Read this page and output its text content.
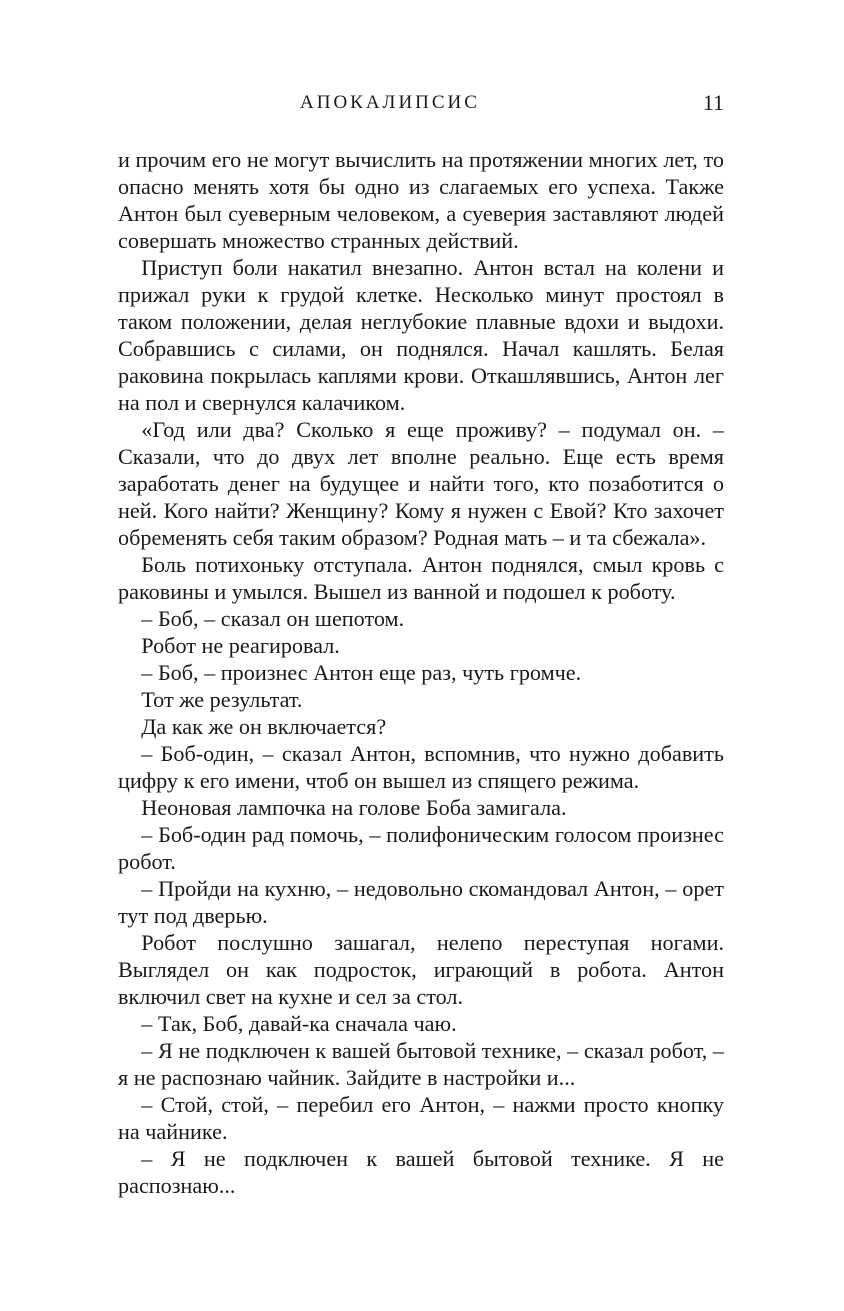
АПОКАЛИПСИС	11

и прочим его не могут вычислить на протяжении многих лет, то опасно менять хотя бы одно из слагаемых его успеха. Также Антон был суеверным человеком, а суеверия заставляют людей совершать множество странных действий.

Приступ боли накатил внезапно. Антон встал на колени и прижал руки к грудой клетке. Несколько минут простоял в таком положении, делая неглубокие плавные вдохи и выдохи. Собравшись с силами, он поднялся. Начал кашлять. Белая раковина покрылась каплями крови. Откашлявшись, Антон лег на пол и свернулся калачиком.

«Год или два? Сколько я еще проживу? – подумал он. – Сказали, что до двух лет вполне реально. Еще есть время заработать денег на будущее и найти того, кто позаботится о ней. Кого найти? Женщину? Кому я нужен с Евой? Кто захочет обременять себя таким образом? Родная мать – и та сбежала».

Боль потихоньку отступала. Антон поднялся, смыл кровь с раковины и умылся. Вышел из ванной и подошел к роботу.

– Боб, – сказал он шепотом.

Робот не реагировал.

– Боб, – произнес Антон еще раз, чуть громче.

Тот же результат.

Да как же он включается?

– Боб-один, – сказал Антон, вспомнив, что нужно добавить цифру к его имени, чтоб он вышел из спящего режима.

Неоновая лампочка на голове Боба замигала.

– Боб-один рад помочь, – полифоническим голосом произнес робот.

– Пройди на кухню, – недовольно скомандовал Антон, – орет тут под дверью.

Робот послушно зашагал, нелепо переступая ногами. Выглядел он как подросток, играющий в робота. Антон включил свет на кухне и сел за стол.

– Так, Боб, давай-ка сначала чаю.

– Я не подключен к вашей бытовой технике, – сказал робот, – я не распознаю чайник. Зайдите в настройки и...

– Стой, стой, – перебил его Антон, – нажми просто кнопку на чайнике.

– Я не подключен к вашей бытовой технике. Я не распознаю...
